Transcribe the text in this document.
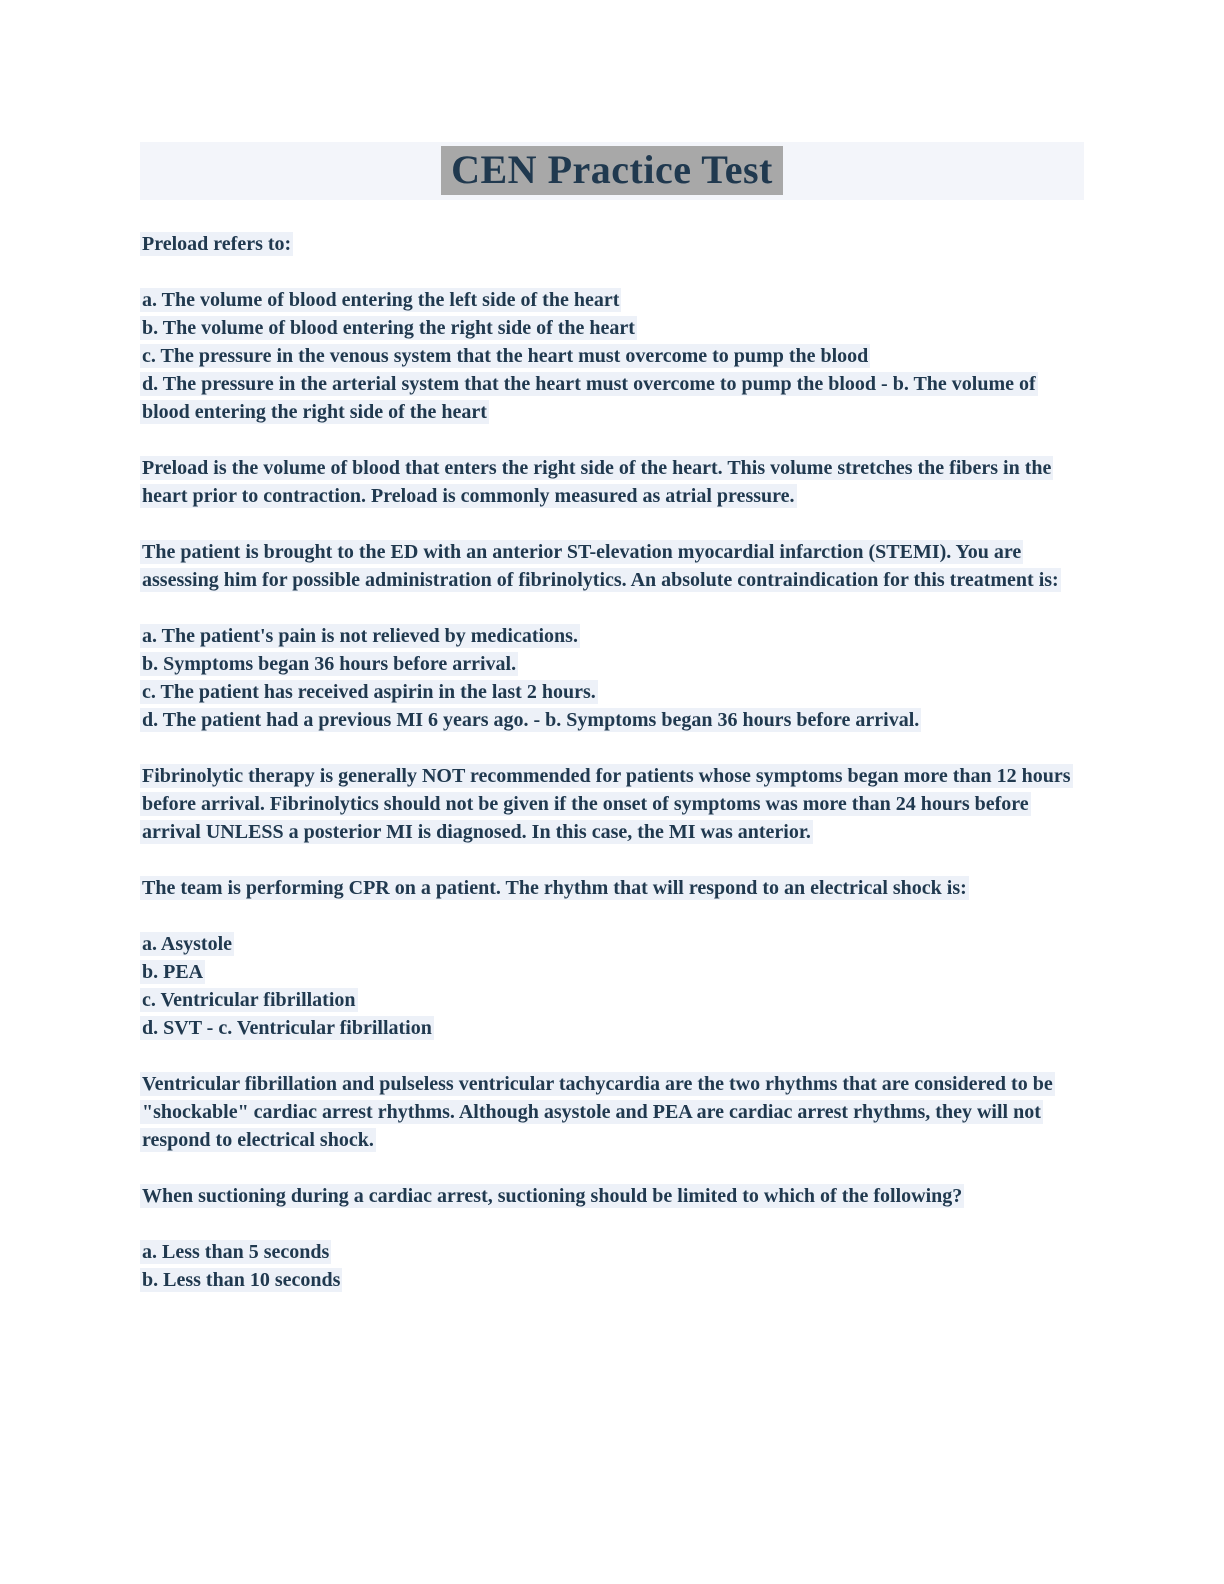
CEN Practice Test

Preload refers to:

a. The volume of blood entering the left side of the heart
b. The volume of blood entering the right side of the heart
c. The pressure in the venous system that the heart must overcome to pump the blood
d. The pressure in the arterial system that the heart must overcome to pump the blood - b. The volume of blood entering the right side of the heart

Preload is the volume of blood that enters the right side of the heart. This volume stretches the fibers in the heart prior to contraction. Preload is commonly measured as atrial pressure.

The patient is brought to the ED with an anterior ST-elevation myocardial infarction (STEMI). You are assessing him for possible administration of fibrinolytics. An absolute contraindication for this treatment is:

a. The patient's pain is not relieved by medications.
b. Symptoms began 36 hours before arrival.
c. The patient has received aspirin in the last 2 hours.
d. The patient had a previous MI 6 years ago. - b. Symptoms began 36 hours before arrival.

Fibrinolytic therapy is generally NOT recommended for patients whose symptoms began more than 12 hours before arrival. Fibrinolytics should not be given if the onset of symptoms was more than 24 hours before arrival UNLESS a posterior MI is diagnosed. In this case, the MI was anterior.

The team is performing CPR on a patient. The rhythm that will respond to an electrical shock is:

a. Asystole
b. PEA
c. Ventricular fibrillation
d. SVT - c. Ventricular fibrillation

Ventricular fibrillation and pulseless ventricular tachycardia are the two rhythms that are considered to be "shockable" cardiac arrest rhythms. Although asystole and PEA are cardiac arrest rhythms, they will not respond to electrical shock.

When suctioning during a cardiac arrest, suctioning should be limited to which of the following?

a. Less than 5 seconds
b. Less than 10 seconds
